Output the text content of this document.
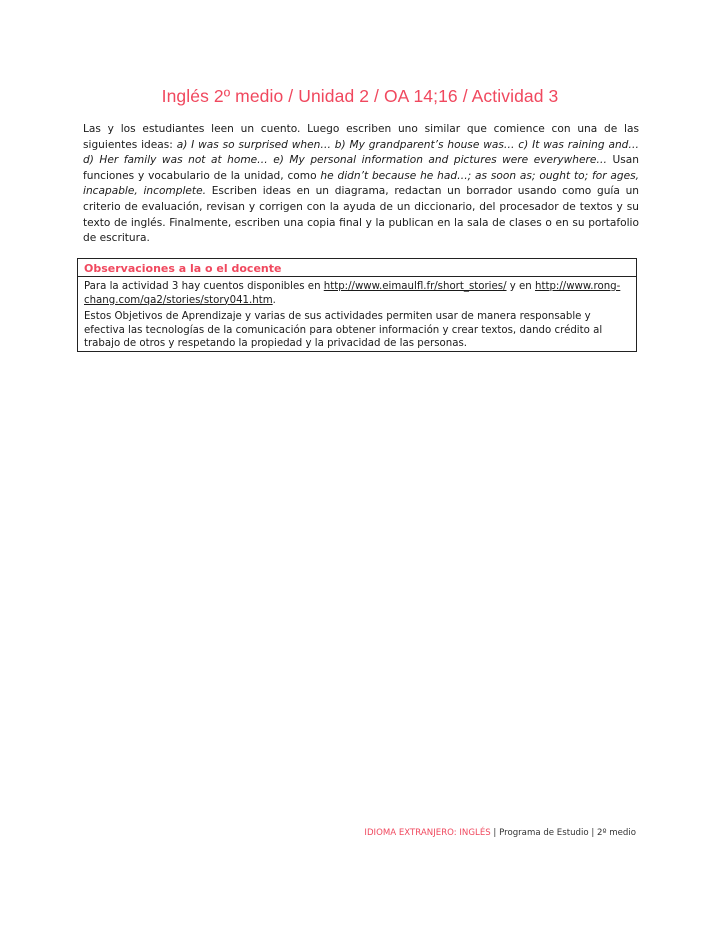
Inglés 2º medio / Unidad 2 / OA 14;16 / Actividad 3

Las y los estudiantes leen un cuento. Luego escriben uno similar que comience con una de las siguientes ideas: a) I was so surprised when… b) My grandparent’s house was… c) It was raining and… d) Her family was not at home… e) My personal information and pictures were everywhere… Usan funciones y vocabulario de la unidad, como he didn’t because he had…; as soon as; ought to; for ages, incapable, incomplete. Escriben ideas en un diagrama, redactan un borrador usando como guía un criterio de evaluación, revisan y corrigen con la ayuda de un diccionario, del procesador de textos y su texto de inglés. Finalmente, escriben una copia final y la publican en la sala de clases o en su portafolio de escritura.

Observaciones a la o el docente

Para la actividad 3 hay cuentos disponibles en http://www.eimaulfl.fr/short_stories/ y en http://www.rong-chang.com/qa2/stories/story041.htm.

Estos Objetivos de Aprendizaje y varias de sus actividades permiten usar de manera responsable y efectiva las tecnologías de la comunicación para obtener información y crear textos, dando crédito al trabajo de otros y respetando la propiedad y la privacidad de las personas.

IDIOMA EXTRANJERO: INGLÉS | Programa de Estudio | 2º medio
